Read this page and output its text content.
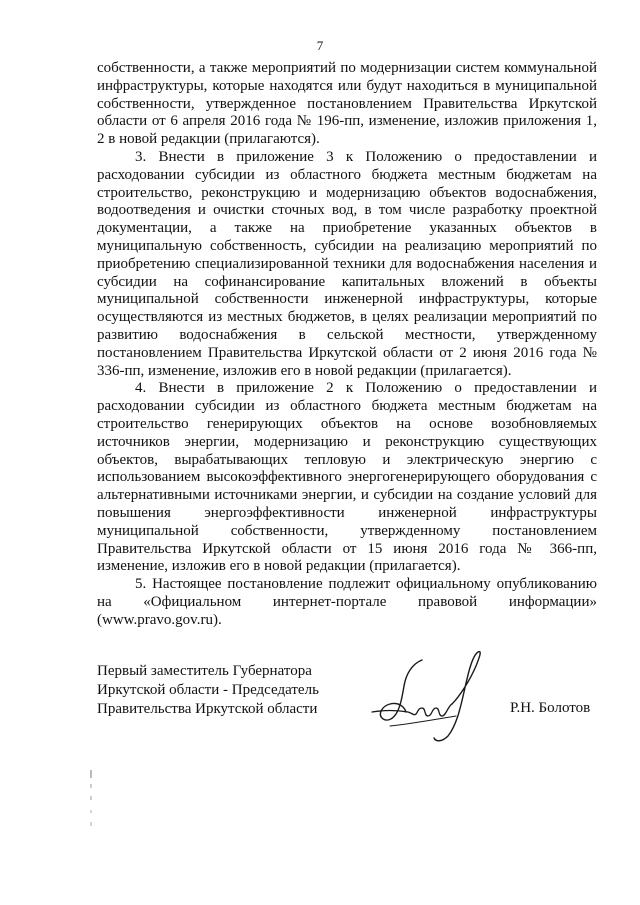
7

собственности, а также мероприятий по модернизации систем коммунальной инфраструктуры, которые находятся или будут находиться в муниципальной собственности, утвержденное постановлением Правительства Иркутской области от 6 апреля 2016 года № 196-пп, изменение, изложив приложения 1, 2 в новой редакции (прилагаются).

3. Внести в приложение 3 к Положению о предоставлении и расходовании субсидии из областного бюджета местным бюджетам на строительство, реконструкцию и модернизацию объектов водоснабжения, водоотведения и очистки сточных вод, в том числе разработку проектной документации, а также на приобретение указанных объектов в муниципальную собственность, субсидии на реализацию мероприятий по приобретению специализированной техники для водоснабжения населения и субсидии на софинансирование капитальных вложений в объекты муниципальной собственности инженерной инфраструктуры, которые осуществляются из местных бюджетов, в целях реализации мероприятий по развитию водоснабжения в сельской местности, утвержденному постановлением Правительства Иркутской области от 2 июня 2016 года № 336-пп, изменение, изложив его в новой редакции (прилагается).

4. Внести в приложение 2 к Положению о предоставлении и расходовании субсидии из областного бюджета местным бюджетам на строительство генерирующих объектов на основе возобновляемых источников энергии, модернизацию и реконструкцию существующих объектов, вырабатывающих тепловую и электрическую энергию с использованием высокоэффективного энергогенерирующего оборудования с альтернативными источниками энергии, и субсидии на создание условий для повышения энергоэффективности инженерной инфраструктуры муниципальной собственности, утвержденному постановлением Правительства Иркутской области от 15 июня 2016 года № 366-пп, изменение, изложив его в новой редакции (прилагается).

5. Настоящее постановление подлежит официальному опубликованию на «Официальном интернет-портале правовой информации» (www.pravo.gov.ru).

Первый заместитель Губернатора
Иркутской области - Председатель
Правительства Иркутской области	Р.Н. Болотов
